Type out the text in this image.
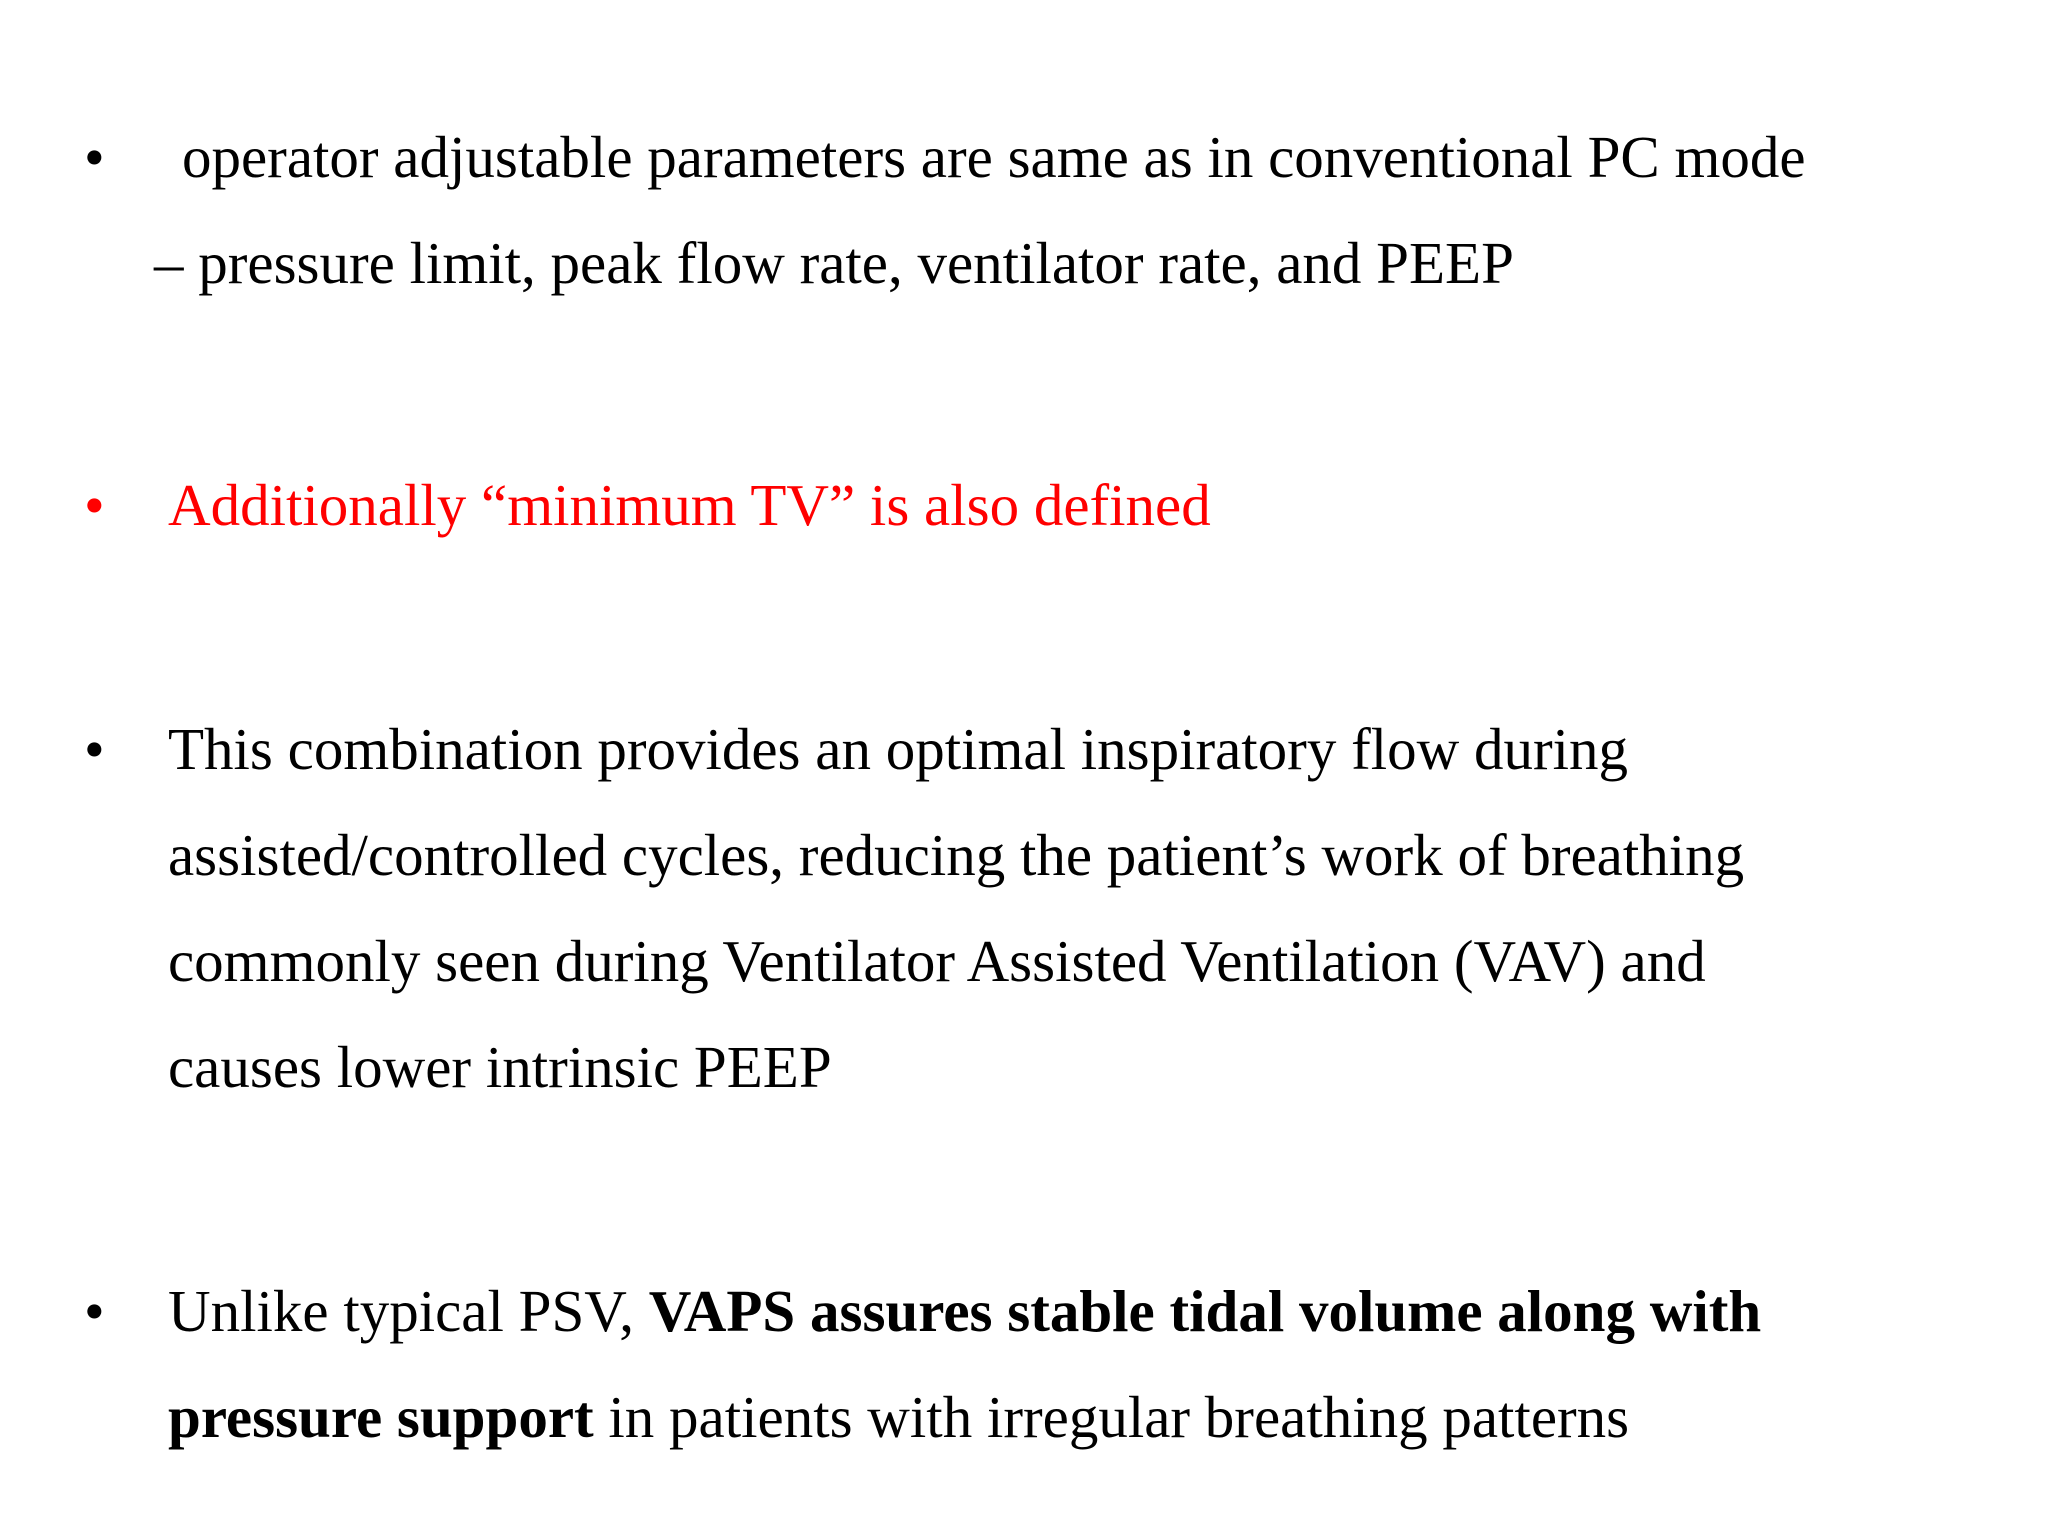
•	operator adjustable parameters are same as in conventional PC mode
– pressure limit, peak flow rate, ventilator rate, and PEEP
•	Additionally “minimum TV” is also defined
•	This combination provides an optimal inspiratory flow during
assisted/controlled cycles, reducing the patient’s work of breathing
commonly seen during Ventilator Assisted Ventilation (VAV) and
causes lower intrinsic PEEP
•	Unlike typical PSV, VAPS assures stable tidal volume along with
pressure support in patients with irregular breathing patterns
